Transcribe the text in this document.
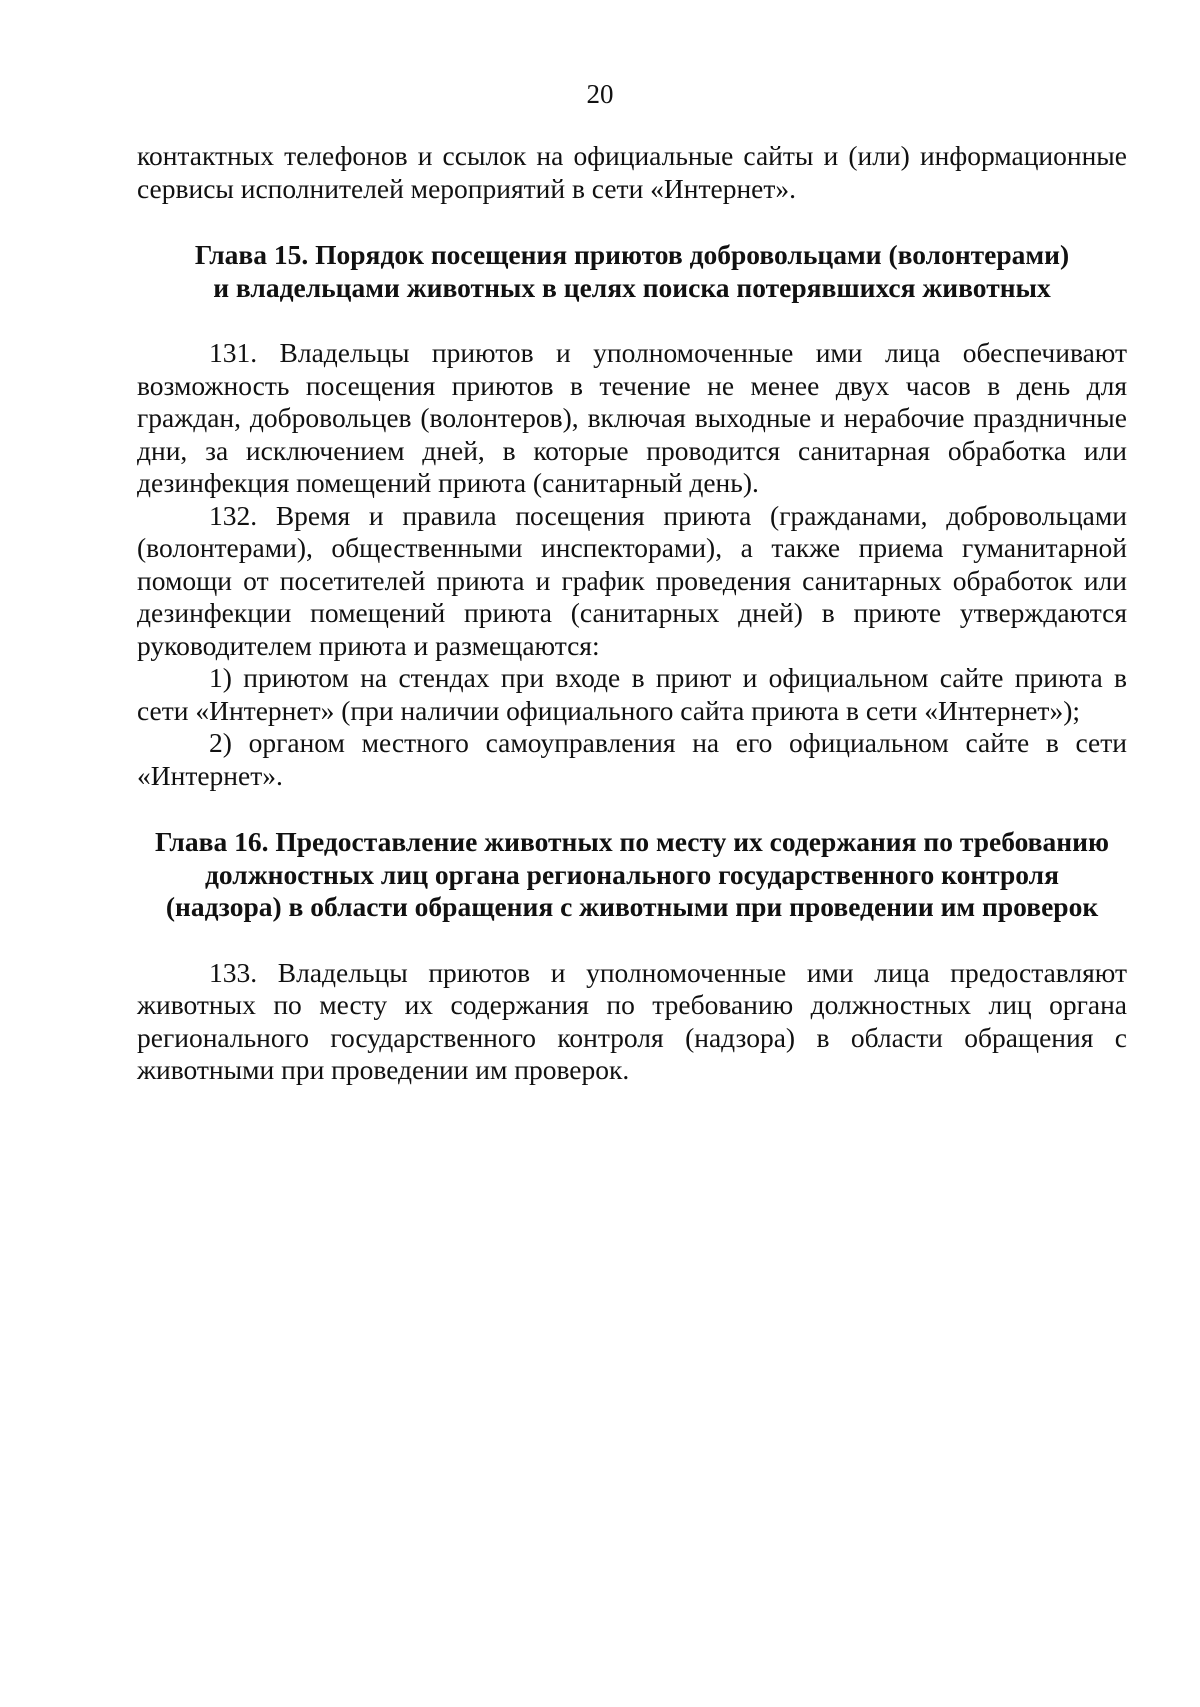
20

контактных телефонов и ссылок на официальные сайты и (или) информационные сервисы исполнителей мероприятий в сети «Интернет».

Глава 15. Порядок посещения приютов добровольцами (волонтерами)
и владельцами животных в целях поиска потерявшихся животных

131. Владельцы приютов и уполномоченные ими лица обеспечивают возможность посещения приютов в течение не менее двух часов в день для граждан, добровольцев (волонтеров), включая выходные и нерабочие праздничные дни, за исключением дней, в которые проводится санитарная обработка или дезинфекция помещений приюта (санитарный день).

132. Время и правила посещения приюта (гражданами, добровольцами (волонтерами), общественными инспекторами), а также приема гуманитарной помощи от посетителей приюта и график проведения санитарных обработок или дезинфекции помещений приюта (санитарных дней) в приюте утверждаются руководителем приюта и размещаются:

1) приютом на стендах при входе в приют и официальном сайте приюта в сети «Интернет» (при наличии официального сайта приюта в сети «Интернет»);

2) органом местного самоуправления на его официальном сайте в сети «Интернет».

Глава 16. Предоставление животных по месту их содержания по требованию
должностных лиц органа регионального государственного контроля
(надзора) в области обращения с животными при проведении им проверок

133. Владельцы приютов и уполномоченные ими лица предоставляют животных по месту их содержания по требованию должностных лиц органа регионального государственного контроля (надзора) в области обращения с животными при проведении им проверок.
